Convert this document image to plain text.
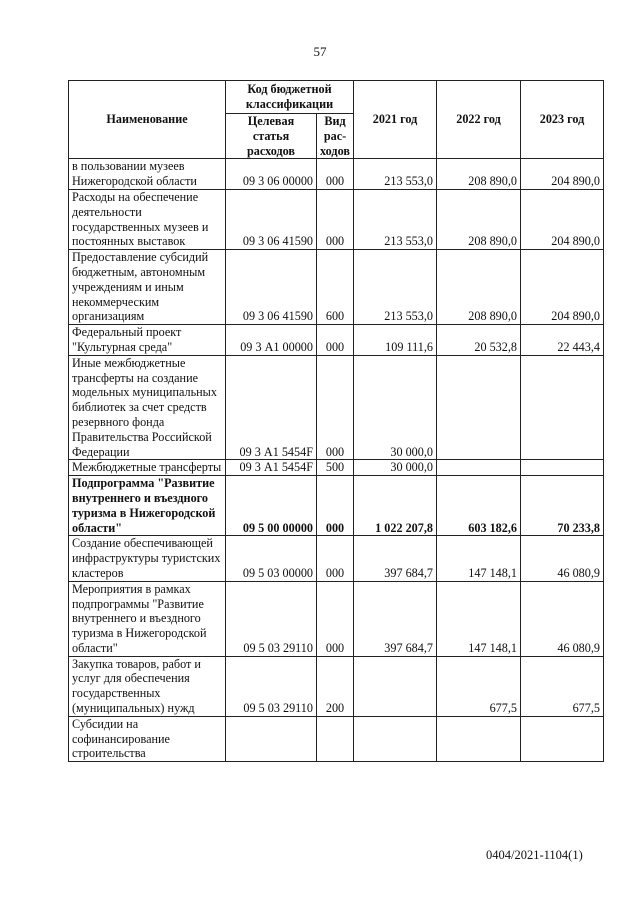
57
Наименование	Код бюджетной классификации		2021 год	2022 год	2023 год
	Целевая статья расходов	Вид рас-ходов			
в пользовании музеев Нижегородской области	09 3 06 00000	000	213 553,0	208 890,0	204 890,0
Расходы на обеспечение деятельности государственных музеев и постоянных выставок	09 3 06 41590	000	213 553,0	208 890,0	204 890,0
Предоставление субсидий бюджетным, автономным учреждениям и иным некоммерческим организациям	09 3 06 41590	600	213 553,0	208 890,0	204 890,0
Федеральный проект "Культурная среда"	09 3 А1 00000	000	109 111,6	20 532,8	22 443,4
Иные межбюджетные трансферты на создание модельных муниципальных библиотек за счет средств резервного фонда Правительства Российской Федерации	09 3 А1 5454F	000	30 000,0		
Межбюджетные трансферты	09 3 А1 5454F	500	30 000,0		
Подпрограмма "Развитие внутреннего и въездного туризма в Нижегородской области"	09 5 00 00000	000	1 022 207,8	603 182,6	70 233,8
Создание обеспечивающей инфраструктуры туристских кластеров	09 5 03 00000	000	397 684,7	147 148,1	46 080,9
Мероприятия в рамках подпрограммы "Развитие внутреннего и въездного туризма в Нижегородской области"	09 5 03 29110	000	397 684,7	147 148,1	46 080,9
Закупка товаров, работ и услуг для обеспечения государственных (муниципальных) нужд	09 5 03 29110	200		677,5	677,5
Субсидии на софинансирование строительства					
0404/2021-1104(1)
